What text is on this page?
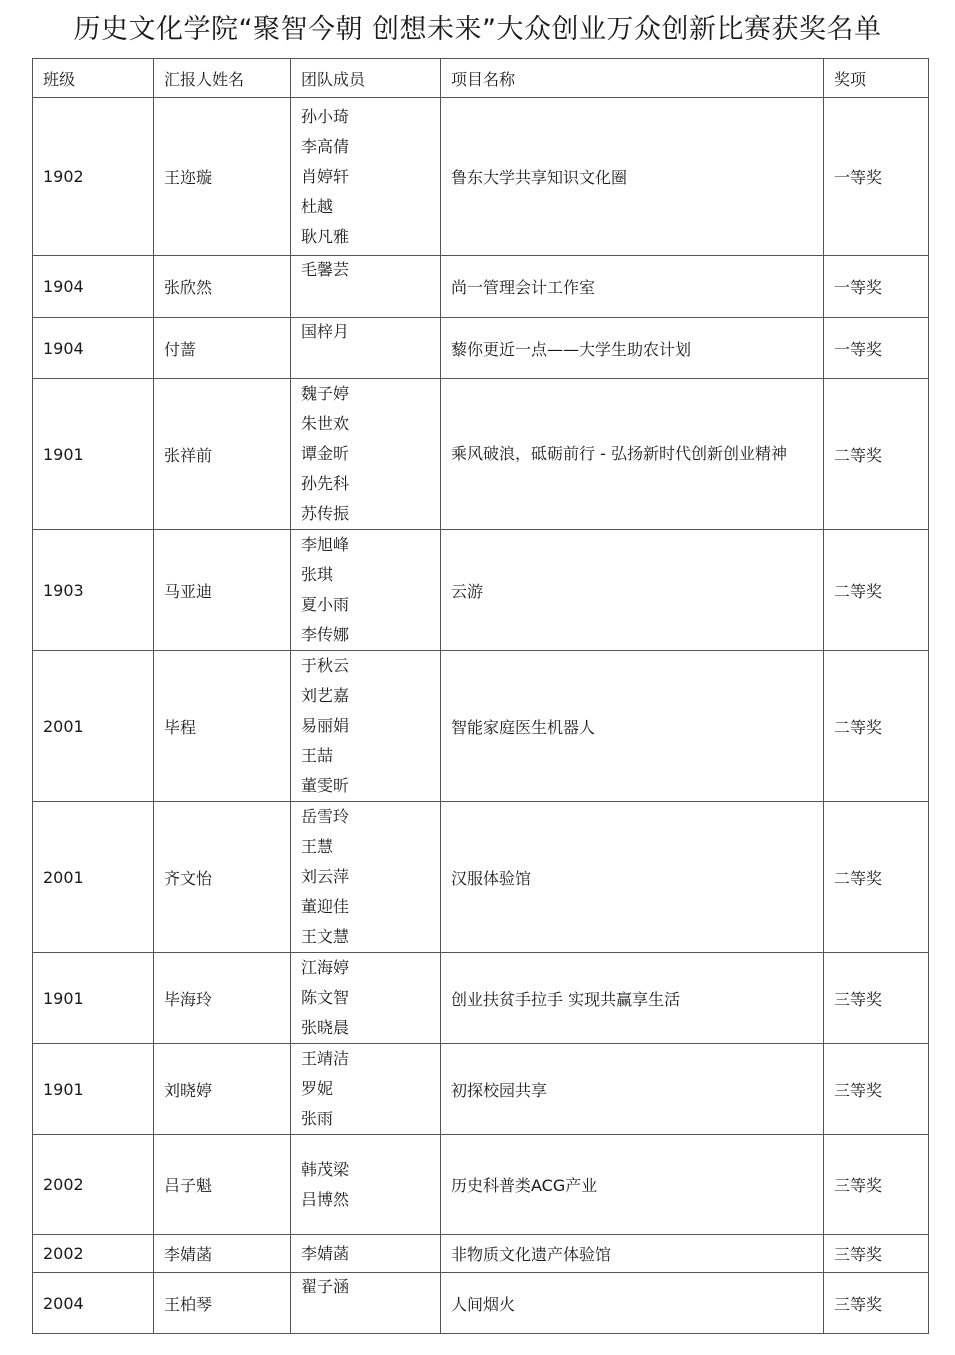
历史文化学院“聚智今朝 创想未来”大众创业万众创新比赛获奖名单
班级	汇报人姓名	团队成员	项目名称	奖项
1902	王迩璇	孙小琦
李高倩
肖婷轩
杜越
耿凡雅	鲁东大学共享知识文化圈	一等奖
1904	张欣然	毛馨芸	尚一管理会计工作室	一等奖
1904	付蔷	国梓月	藜你更近一点——大学生助农计划	一等奖
1901	张祥前	魏子婷
朱世欢
谭金昕
孙先科
苏传振	乘风破浪，砥砺前行 - 弘扬新时代创新创业精神	二等奖
1903	马亚迪	李旭峰
张琪
夏小雨
李传娜	云游	二等奖
2001	毕程	于秋云
刘艺嘉
易丽娟
王喆
董雯昕	智能家庭医生机器人	二等奖
2001	齐文怡	岳雪玲
王慧
刘云萍
董迎佳
王文慧	汉服体验馆	二等奖
1901	毕海玲	江海婷
陈文智
张晓晨	创业扶贫手拉手 实现共赢享生活	三等奖
1901	刘晓婷	王靖洁
罗妮
张雨	初探校园共享	三等奖
2002	吕子魁	韩茂梁
吕博然	历史科普类ACG产业	三等奖
2002	李婧菡	李婧菡	非物质文化遗产体验馆	三等奖
2004	王柏琴	翟子涵	人间烟火	三等奖
